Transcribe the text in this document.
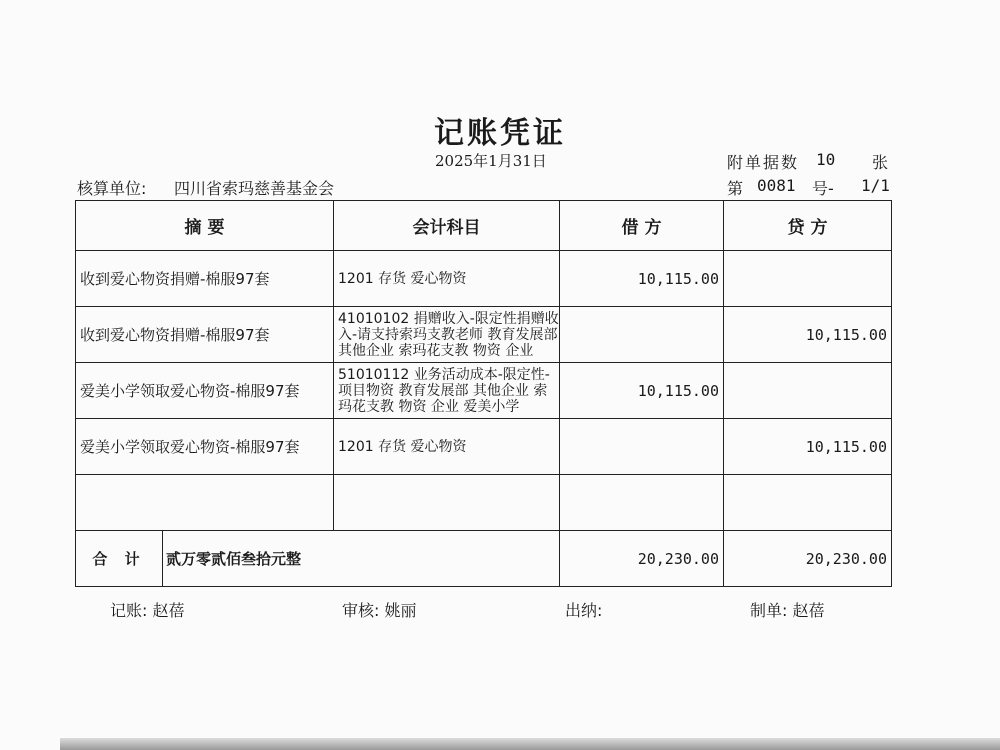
记账凭证
2025年1月31日	附单据数 10 张
核算单位: 四川省索玛慈善基金会	第 0081 号- 1/1
摘 要	会计科目	借 方	贷 方
收到爱心物资捐赠-棉服97套	1201 存货 爱心物资	10,115.00	
收到爱心物资捐赠-棉服97套	41010102 捐赠收入-限定性捐赠收入-请支持索玛支教老师 教育发展部 其他企业 索玛花支教 物资 企业		10,115.00
爱美小学领取爱心物资-棉服97套	51010112 业务活动成本-限定性-项目物资 教育发展部 其他企业 索玛花支教 物资 企业 爱美小学	10,115.00	
爱美小学领取爱心物资-棉服97套	1201 存货 爱心物资		10,115.00

合 计 贰万零贰佰叁拾元整		20,230.00	20,230.00
记账: 赵蓓	审核: 姚丽	出纳:	制单: 赵蓓
